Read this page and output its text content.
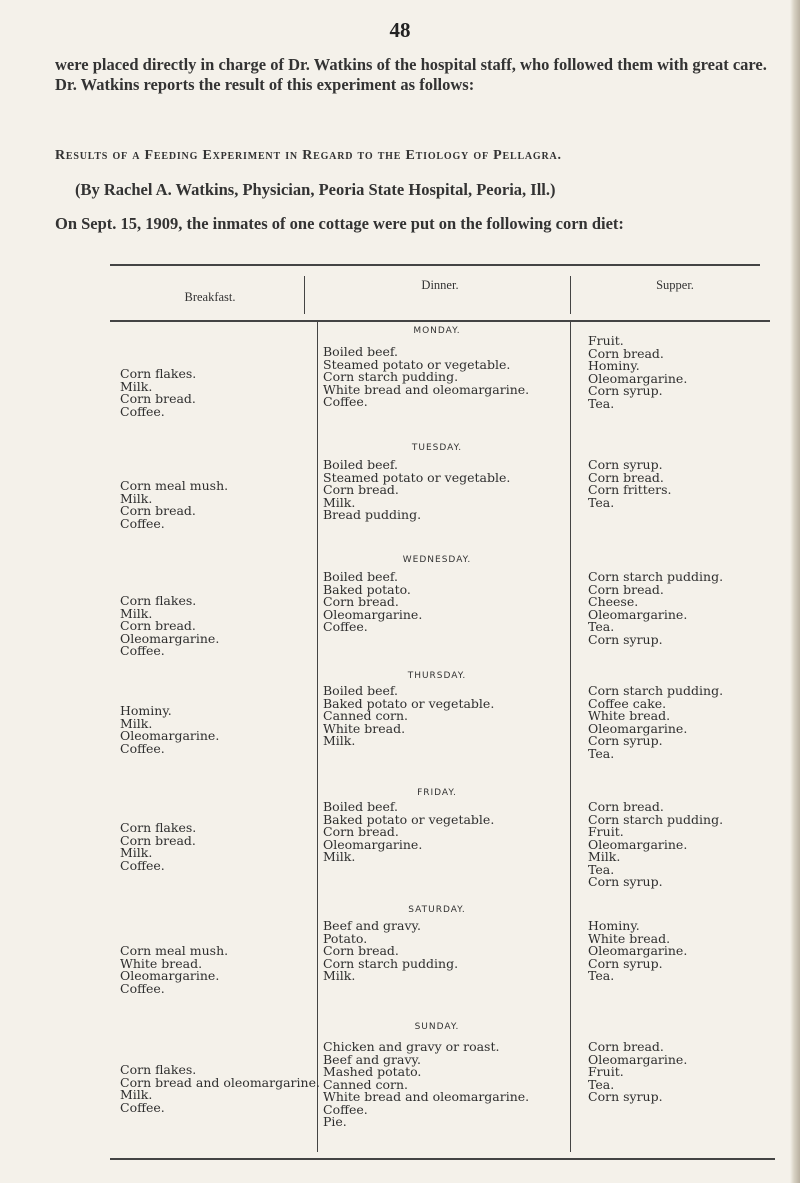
48
were placed directly in charge of Dr. Watkins of the hospital staff, who followed them with great care. Dr. Watkins reports the result of this experiment as follows:
Results of a Feeding Experiment in Regard to the Etiology of Pellagra.
(By Rachel A. Watkins, Physician, Peoria State Hospital, Peoria, Ill.)
On Sept. 15, 1909, the inmates of one cottage were put on the following corn diet:
Breakfast.
Dinner.	Supper.
MONDAY.
Corn flakes.
Milk.
Corn bread.
Coffee.
Boiled beef.
Steamed potato or vegetable.
Corn starch pudding.
White bread and oleomargarine.
Coffee.
Fruit.
Corn bread.
Hominy.
Oleomargarine.
Corn syrup.
Tea.
TUESDAY.
Corn meal mush.
Milk.
Corn bread.
Coffee.
Boiled beef.
Steamed potato or vegetable.
Corn bread.
Milk.
Bread pudding.
Corn syrup.
Corn bread.
Corn fritters.
Tea.
WEDNESDAY.
Corn flakes.
Milk.
Corn bread.
Oleomargarine.
Coffee.
Boiled beef.
Baked potato.
Corn bread.
Oleomargarine.
Coffee.
Corn starch pudding.
Corn bread.
Cheese.
Oleomargarine.
Tea.
Corn syrup.
THURSDAY.
Hominy.
Milk.
Oleomargarine.
Coffee.
Boiled beef.
Baked potato or vegetable.
Canned corn.
White bread.
Milk.
Corn starch pudding.
Coffee cake.
White bread.
Oleomargarine.
Corn syrup.
Tea.
FRIDAY.
Corn flakes.
Corn bread.
Milk.
Coffee.
Boiled beef.
Baked potato or vegetable.
Corn bread.
Oleomargarine.
Milk.
Corn bread.
Corn starch pudding.
Fruit.
Oleomargarine.
Milk.
Tea.
Corn syrup.
SATURDAY.
Corn meal mush.
White bread.
Oleomargarine.
Coffee.
Beef and gravy.
Potato.
Corn bread.
Corn starch pudding.
Milk.
Hominy.
White bread.
Oleomargarine.
Corn syrup.
Tea.
SUNDAY.
Corn flakes.
Corn bread and oleomargarine.
Milk.
Coffee.
Chicken and gravy or roast.
Beef and gravy.
Mashed potato.
Canned corn.
White bread and oleomargarine.
Coffee.
Pie.
Corn bread.
Oleomargarine.
Fruit.
Tea.
Corn syrup.
